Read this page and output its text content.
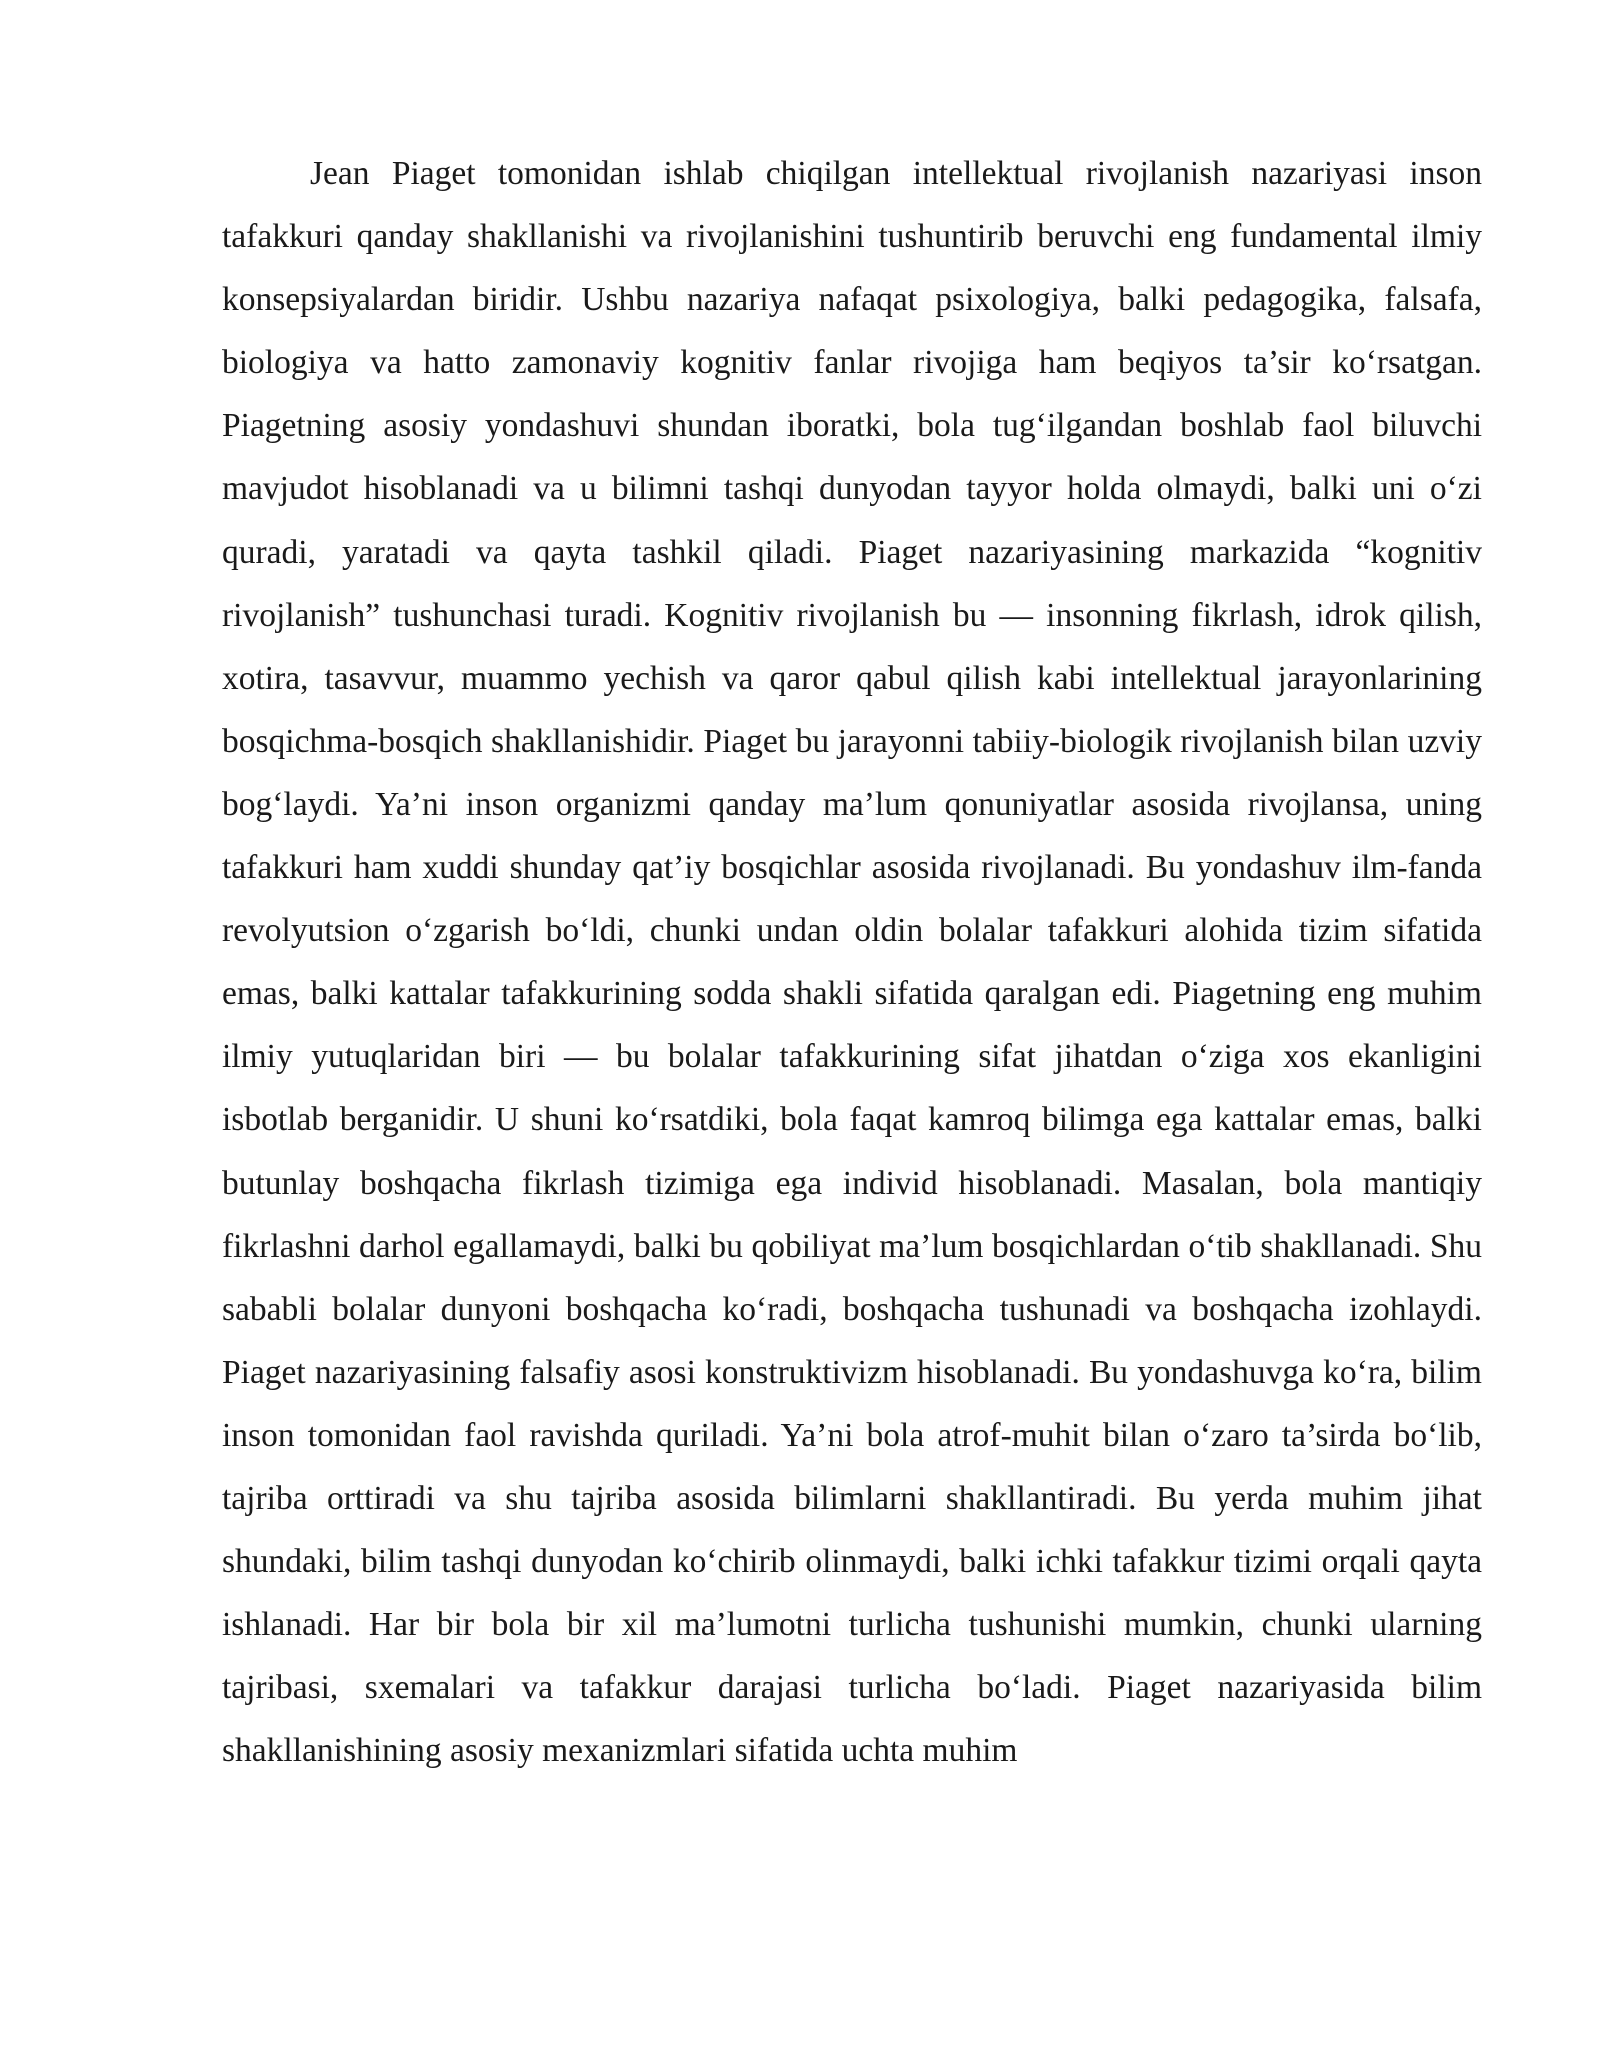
Jean Piaget tomonidan ishlab chiqilgan intellektual rivojlanish nazariyasi inson tafakkuri qanday shakllanishi va rivojlanishini tushuntirib beruvchi eng fundamental ilmiy konsepsiyalardan biridir. Ushbu nazariya nafaqat psixologiya, balki pedagogika, falsafa, biologiya va hatto zamonaviy kognitiv fanlar rivojiga ham beqiyos ta’sir ko‘rsatgan. Piagetning asosiy yondashuvi shundan iboratki, bola tug‘ilgandan boshlab faol biluvchi mavjudot hisoblanadi va u bilimni tashqi dunyodan tayyor holda olmaydi, balki uni o‘zi quradi, yaratadi va qayta tashkil qiladi. Piaget nazariyasining markazida “kognitiv rivojlanish” tushunchasi turadi. Kognitiv rivojlanish bu — insonning fikrlash, idrok qilish, xotira, tasavvur, muammo yechish va qaror qabul qilish kabi intellektual jarayonlarining bosqichma-bosqich shakllanishidir. Piaget bu jarayonni tabiiy-biologik rivojlanish bilan uzviy bog‘laydi. Ya’ni inson organizmi qanday ma’lum qonuniyatlar asosida rivojlansa, uning tafakkuri ham xuddi shunday qat’iy bosqichlar asosida rivojlanadi. Bu yondashuv ilm-fanda revolyutsion o‘zgarish bo‘ldi, chunki undan oldin bolalar tafakkuri alohida tizim sifatida emas, balki kattalar tafakkurining sodda shakli sifatida qaralgan edi. Piagetning eng muhim ilmiy yutuqlaridan biri — bu bolalar tafakkurining sifat jihatdan o‘ziga xos ekanligini isbotlab berganidir. U shuni ko‘rsatdiki, bola faqat kamroq bilimga ega kattalar emas, balki butunlay boshqacha fikrlash tizimiga ega individ hisoblanadi. Masalan, bola mantiqiy fikrlashni darhol egallamaydi, balki bu qobiliyat ma’lum bosqichlardan o‘tib shakllanadi. Shu sababli bolalar dunyoni boshqacha ko‘radi, boshqacha tushunadi va boshqacha izohlaydi. Piaget nazariyasining falsafiy asosi konstruktivizm hisoblanadi. Bu yondashuvga ko‘ra, bilim inson tomonidan faol ravishda quriladi. Ya’ni bola atrof-muhit bilan o‘zaro ta’sirda bo‘lib, tajriba orttiradi va shu tajriba asosida bilimlarni shakllantiradi. Bu yerda muhim jihat shundaki, bilim tashqi dunyodan ko‘chirib olinmaydi, balki ichki tafakkur tizimi orqali qayta ishlanadi. Har bir bola bir xil ma’lumotni turlicha tushunishi mumkin, chunki ularning tajribasi, sxemalari va tafakkur darajasi turlicha bo‘ladi. Piaget nazariyasida bilim shakllanishining asosiy mexanizmlari sifatida uchta muhim
